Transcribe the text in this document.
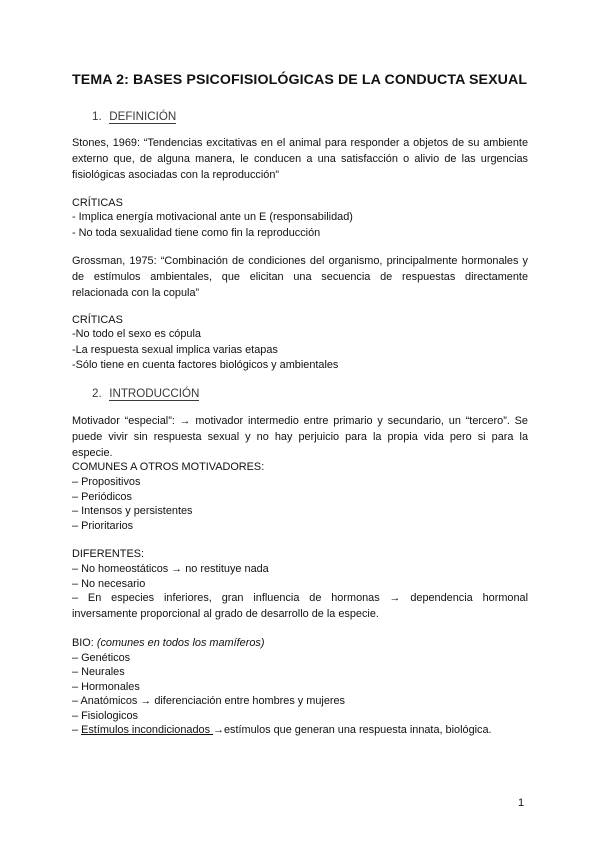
TEMA 2: BASES PSICOFISIOLÓGICAS DE LA CONDUCTA SEXUAL
1. DEFINICIÓN
Stones, 1969: “Tendencias excitativas en el animal para responder a objetos de su ambiente
externo que, de alguna manera, le conducen a una satisfacción o alivio de las urgencias
fisiológicas asociadas con la reproducción”
CRÍTICAS
- Implica energía motivacional ante un E (responsabilidad)
- No toda sexualidad tiene como fin la reproducción
Grossman, 1975: “Combinación de condiciones del organismo, principalmente hormonales y
de estímulos ambientales, que elicitan una secuencia de respuestas directamente
relacionada con la copula”
CRÍTICAS
-No todo el sexo es cópula
-La respuesta sexual implica varias etapas
-Sólo tiene en cuenta factores biológicos y ambientales
2. INTRODUCCIÓN
Motivador “especial”: → motivador intermedio entre primario y secundario, un “tercero”. Se
puede vivir sin respuesta sexual y no hay perjuicio para la propia vida pero si para la
especie.
COMUNES A OTROS MOTIVADORES:
– Propositivos
– Periódicos
– Intensos y persistentes
– Prioritarios
DIFERENTES:
– No homeostáticos → no restituye nada
– No necesario
– En especies inferiores, gran influencia de hormonas → dependencia hormonal
inversamente proporcional al grado de desarrollo de la especie.
BIO: (comunes en todos los mamíferos)
– Genéticos
– Neurales
– Hormonales
– Anatómicos → diferenciación entre hombres y mujeres
– Fisiologicos
– Estímulos incondicionados →estímulos que generan una respuesta innata, biológica.
1
